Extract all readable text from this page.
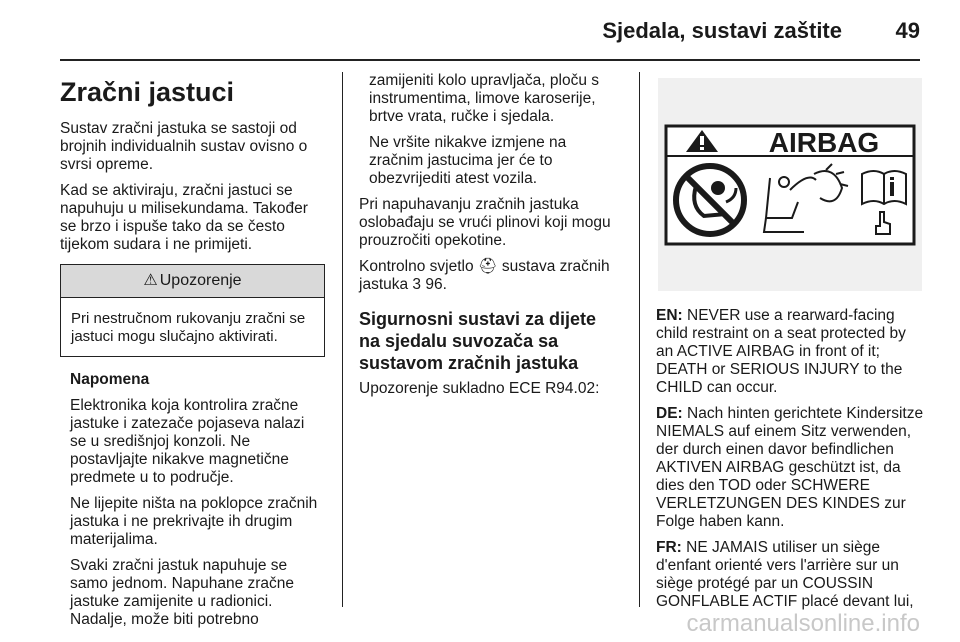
Sjedala, sustavi zaštite 49
Zračni jastuci

Sustav zračni jastuka se sastoji od brojnih individualnih sustav ovisno o svrsi opreme.

Kad se aktiviraju, zračni jastuci se napuhuju u milisekundama. Također se brzo i ispuše tako da se često tijekom sudara i ne primijeti.

⚠ Upozorenje
Pri nestručnom rukovanju zračni se jastuci mogu slučajno aktivirati.

Napomena

Elektronika koja kontrolira zračne jastuke i zatezače pojaseva nalazi se u središnjoj konzoli. Ne postavljajte nikakve magnetične predmete u to područje.

Ne lijepite ništa na poklopce zračnih jastuka i ne prekrivajte ih drugim materijalima.

Svaki zračni jastuk napuhuje se samo jednom. Napuhane zračne jastuke zamijenite u radionici. Nadalje, može biti potrebno

zamijeniti kolo upravljača, ploču s instrumentima, limove karoserije, brtve vrata, ručke i sjedala.

Ne vršite nikakve izmjene na zračnim jastucima jer će to obezvrijediti atest vozila.

Pri napuhavanju zračnih jastuka oslobađaju se vrući plinovi koji mogu prouzročiti opekotine.

Kontrolno svjetlo ⛑ sustava zračnih jastuka 3 96.

Sigurnosni sustavi za dijete na sjedalu suvozača sa sustavom zračnih jastuka

Upozorenje sukladno ECE R94.02:

AIRBAG

EN: NEVER use a rearward-facing child restraint on a seat protected by an ACTIVE AIRBAG in front of it; DEATH or SERIOUS INJURY to the CHILD can occur.

DE: Nach hinten gerichtete Kindersitze NIEMALS auf einem Sitz verwenden, der durch einen davor befindlichen AKTIVEN AIRBAG geschützt ist, da dies den TOD oder SCHWERE VERLETZUNGEN DES KINDES zur Folge haben kann.

FR: NE JAMAIS utiliser un siège d'enfant orienté vers l'arrière sur un siège protégé par un COUSSIN GONFLABLE ACTIF placé devant lui,

carmanualsonline.info
